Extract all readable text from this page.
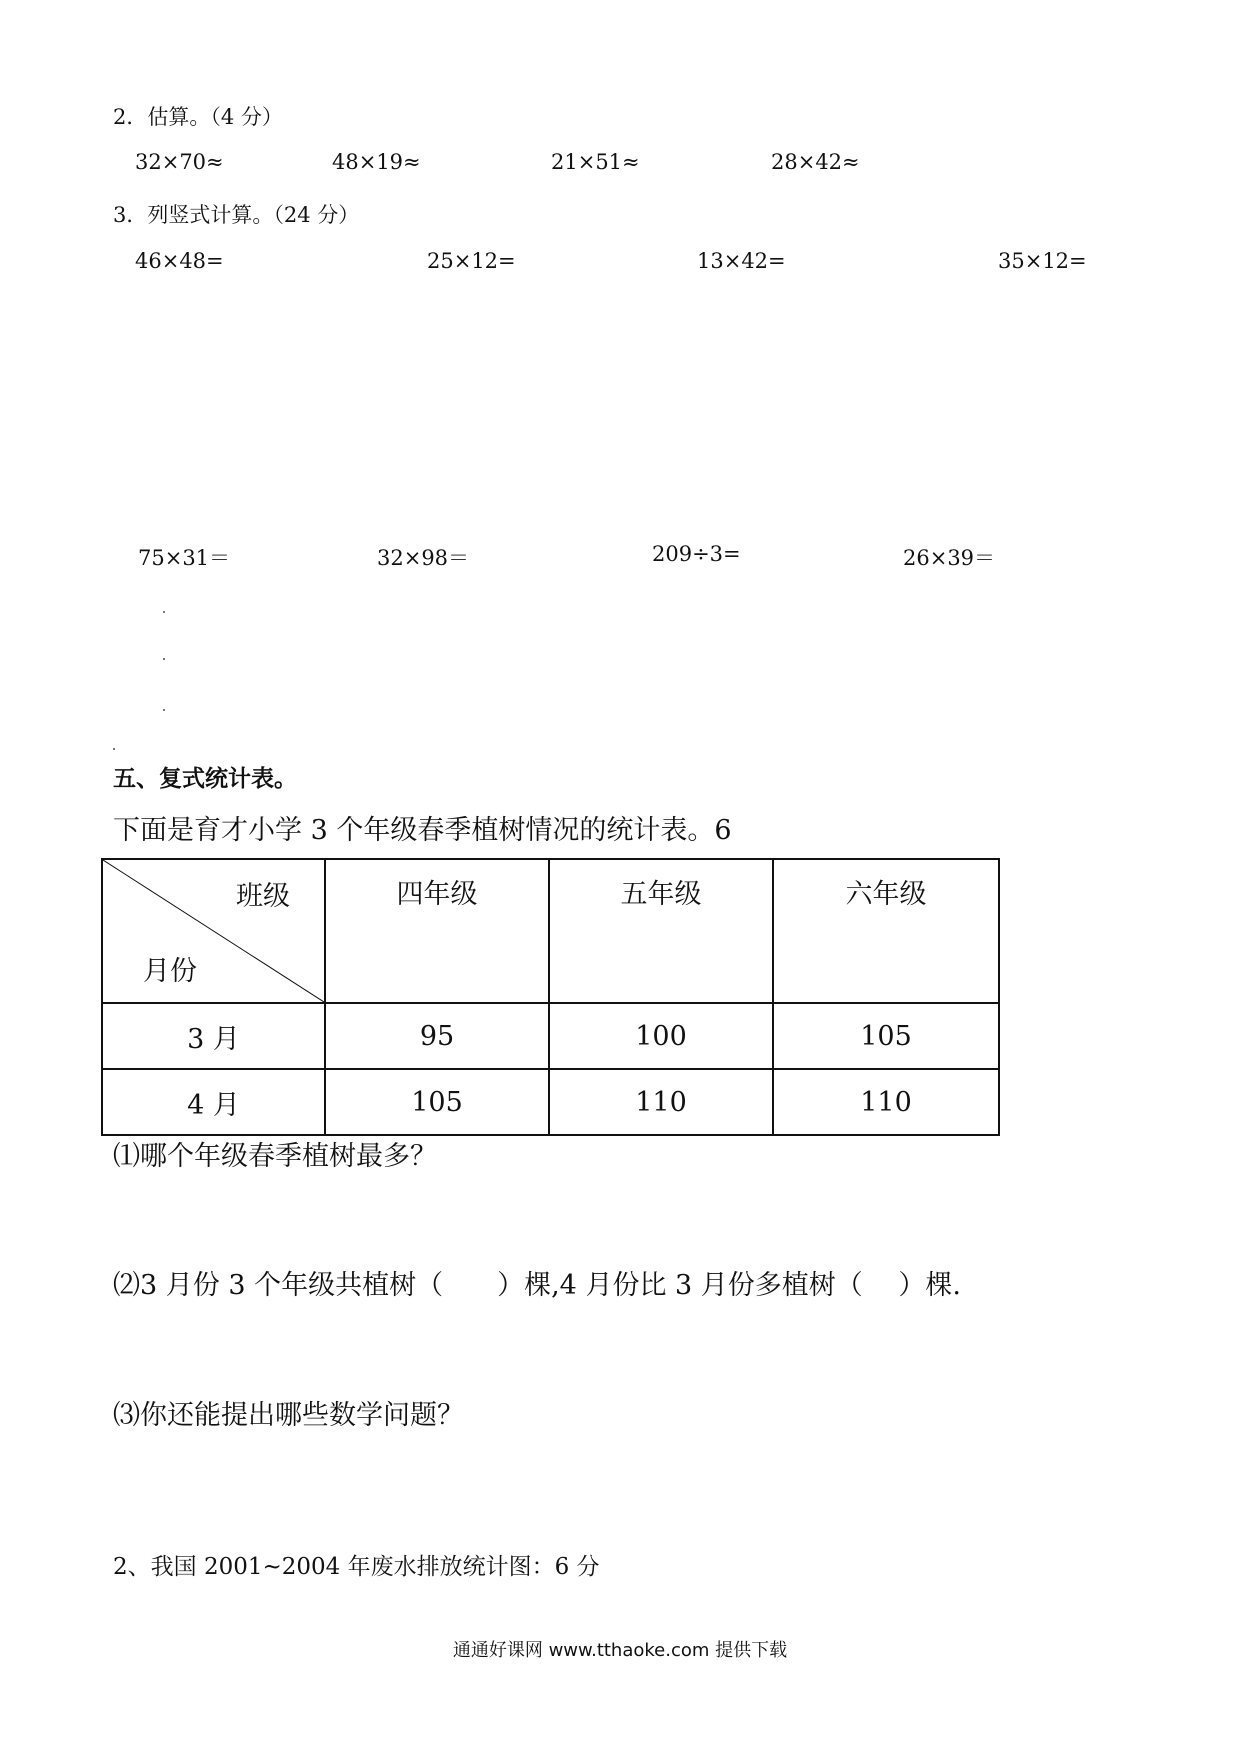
2．估算。（4 分）
32×70≈	48×19≈	21×51≈	28×42≈
3．列竖式计算。（24 分）
46×48=	25×12=	13×42=	35×12=
75×31＝	32×98＝	209÷3=	26×39＝
五、复式统计表。
下面是育才小学 3 个年级春季植树情况的统计表。6
班级
月份	四年级	五年级	六年级
3 月	95	100	105
4 月	105	110	110
⑴哪个年级春季植树最多？
⑵3 月份 3 个年级共植树（　　）棵,4 月份比 3 月份多植树（　 ）棵.
⑶你还能提出哪些数学问题？
2、我国 2001~2004 年废水排放统计图：6 分
通通好课网 www.tthaoke.com 提供下载
